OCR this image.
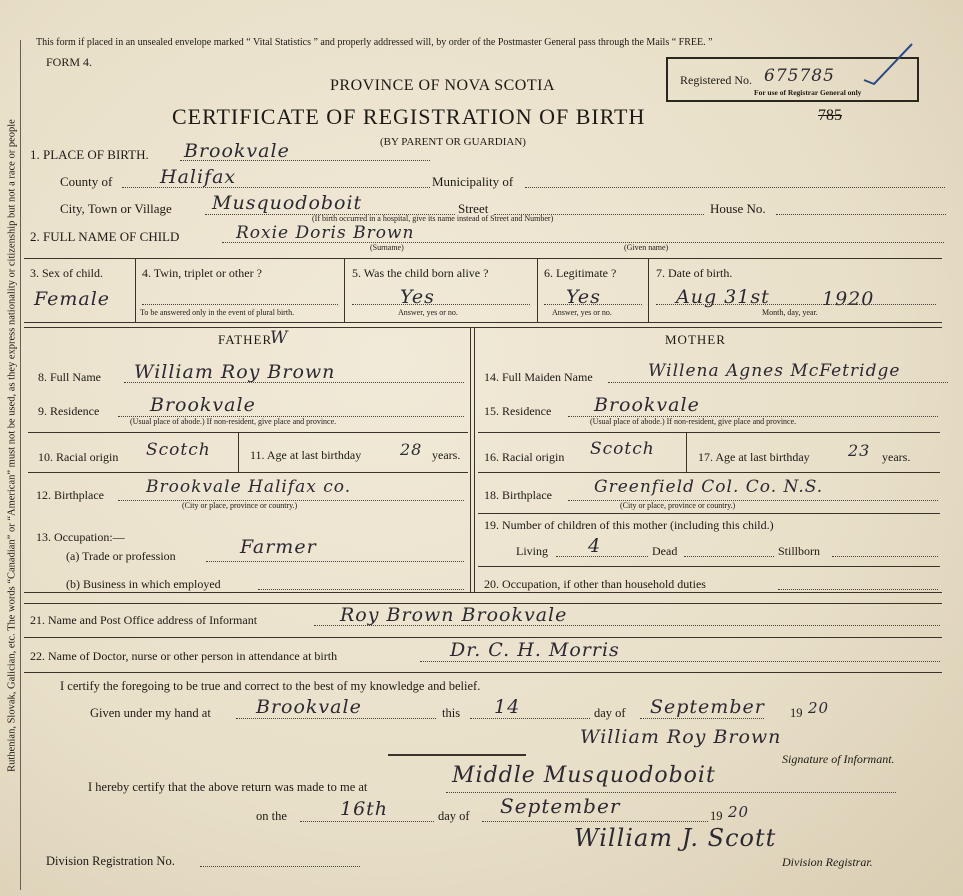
Ruthenian, Slovak, Galician, etc. The words “Canadian” or “American” must not be used, as they express nationality or citizenship but not a race or people
This form if placed in an unsealed envelope marked “ Vital Statistics ” and properly addressed will, by order of the Postmaster General pass through the Mails “ FREE. ”
FORM 4.
PROVINCE OF NOVA SCOTIA
CERTIFICATE OF REGISTRATION OF BIRTH
(BY PARENT OR GUARDIAN)
785
Registered No. 675785
For use of Registrar General only
1. PLACE OF BIRTH. Brookvale
County of	Halifax	Municipality of
City, Town or Village Musquodoboit	Street	House No.
(If birth occurred in a hospital, give its name instead of Street and Number)
2. FULL NAME OF CHILD	Roxie Doris Brown
(Surname)	(Given name)
3. Sex of child.
Female
4. Twin, triplet or other ?
To be answered only in the event of plural birth.
5. Was the child born alive ?
Yes
Answer, yes or no.
6. Legitimate ?
Yes
Answer, yes or no.
7. Date of birth.
Aug 31st	1920
Month, day, year.
FATHER
W	MOTHER
8. Full Name William Roy Brown	14. Full Maiden Name	Willena Agnes McFetridge
9. Residence	Brookvale
(Usual place of abode.) If non-resident, give place and province.
15. Residence Brookvale
(Usual place of abode.) If non-resident, give place and province.
10. Racial origin Scotch	11. Age at last birthday 28 years. 16. Racial origin Scotch	17. Age at last birthday 23 years.
12. Birthplace Brookvale Halifax co.
(City or place, province or country.)
18. Birthplace Greenfield Col. Co. N.S.
(City or place, province or country.)
13. Occupation:—
(a) Trade or profession	Farmer
(b) Business in which employed
19. Number of children of this mother (including this child.)
Living 4	Dead	Stillborn
20. Occupation, if other than household duties
21. Name and Post Office address of Informant	Roy Brown Brookvale
22. Name of Doctor, nurse or other person in attendance at birth	Dr. C. H. Morris
I certify the foregoing to be true and correct to the best of my knowledge and belief.
Given under my hand at Brookvale	this 14	day of September 19 20
William Roy Brown
Signature of Informant.
I hereby certify that the above return was made to me at	Middle Musquodoboit
on the	16th	day of September	19 20
Division Registration No.
William J. Scott
Division Registrar.
